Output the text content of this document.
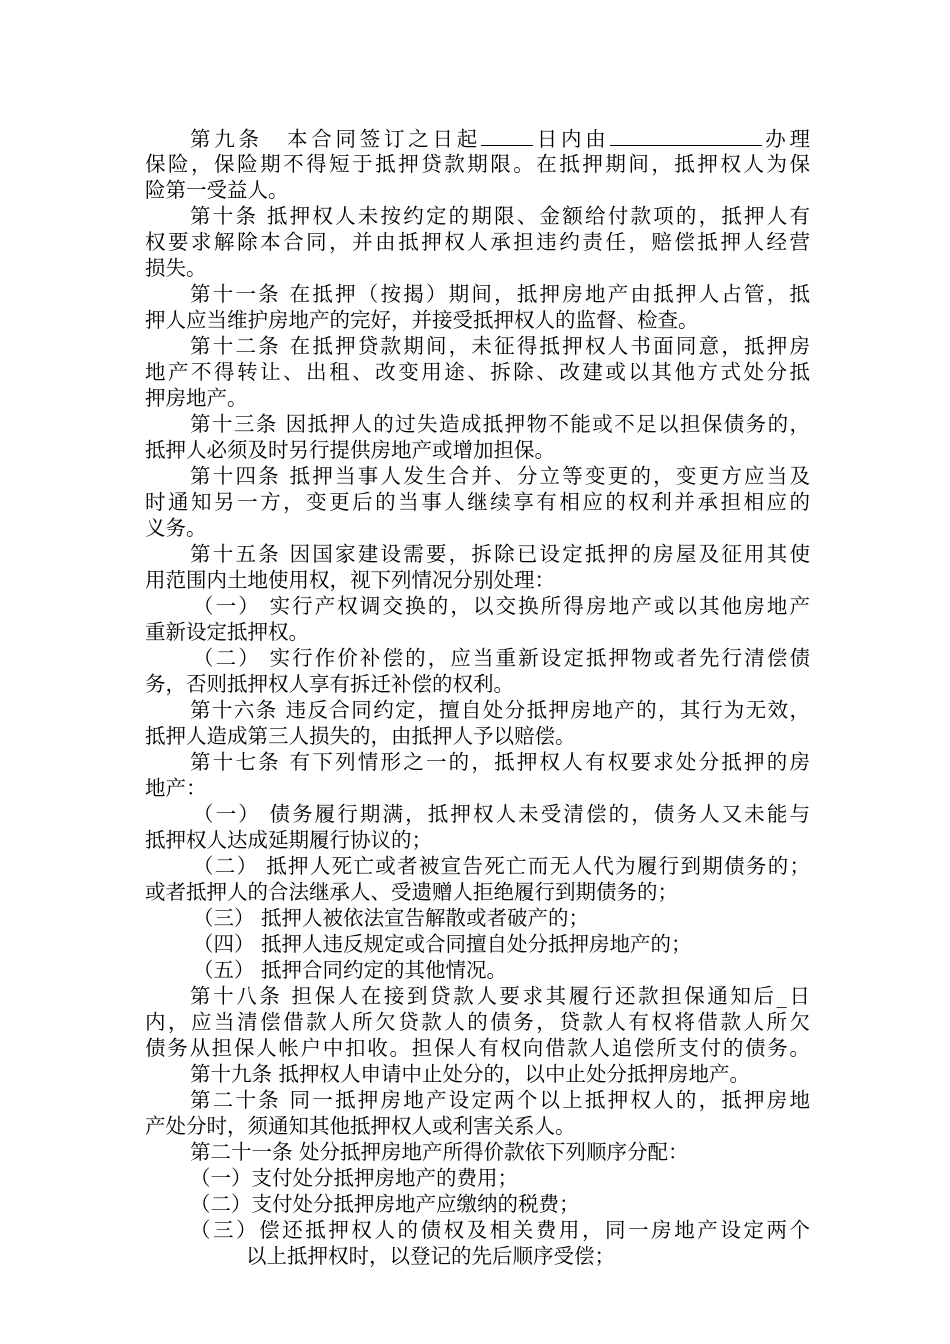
第九条　本合同签订之日起	日内由	办理
保险，保险期不得短于抵押贷款期限。在抵押期间，抵押权人为保
险第一受益人。
第十条 抵押权人未按约定的期限、金额给付款项的，抵押人有
权要求解除本合同，并由抵押权人承担违约责任，赔偿抵押人经营
损失。
第十一条 在抵押（按揭）期间，抵押房地产由抵押人占管，抵
押人应当维护房地产的完好，并接受抵押权人的监督、检查。
第十二条 在抵押贷款期间，未征得抵押权人书面同意，抵押房
地产不得转让、出租、改变用途、拆除、改建或以其他方式处分抵
押房地产。
第十三条 因抵押人的过失造成抵押物不能或不足以担保债务的，
抵押人必须及时另行提供房地产或增加担保。
第十四条 抵押当事人发生合并、分立等变更的，变更方应当及
时通知另一方，变更后的当事人继续享有相应的权利并承担相应的
义务。
第十五条 因国家建设需要，拆除已设定抵押的房屋及征用其使
用范围内土地使用权，视下列情况分别处理：
（一） 实行产权调交换的，以交换所得房地产或以其他房地产
重新设定抵押权。
（二） 实行作价补偿的，应当重新设定抵押物或者先行清偿债
务，否则抵押权人享有拆迁补偿的权利。
第十六条 违反合同约定，擅自处分抵押房地产的，其行为无效，
抵押人造成第三人损失的，由抵押人予以赔偿。
第十七条 有下列情形之一的，抵押权人有权要求处分抵押的房
地产：
（一） 债务履行期满，抵押权人未受清偿的，债务人又未能与
抵押权人达成延期履行协议的；
（二） 抵押人死亡或者被宣告死亡而无人代为履行到期债务的；
或者抵押人的合法继承人、受遗赠人拒绝履行到期债务的；
（三） 抵押人被依法宣告解散或者破产的；
（四） 抵押人违反规定或合同擅自处分抵押房地产的；
（五） 抵押合同约定的其他情况。
第十八条 担保人在接到贷款人要求其履行还款担保通知后_日
内，应当清偿借款人所欠贷款人的债务，贷款人有权将借款人所欠
债务从担保人帐户中扣收。担保人有权向借款人追偿所支付的债务。
第十九条 抵押权人申请中止处分的，以中止处分抵押房地产。
第二十条 同一抵押房地产设定两个以上抵押权人的，抵押房地
产处分时，须通知其他抵押权人或利害关系人。
第二十一条 处分抵押房地产所得价款依下列顺序分配：
（一）支付处分抵押房地产的费用；
（二）支付处分抵押房地产应缴纳的税费；
（三）偿还抵押权人的债权及相关费用，同一房地产设定两个
以上抵押权时，以登记的先后顺序受偿；
